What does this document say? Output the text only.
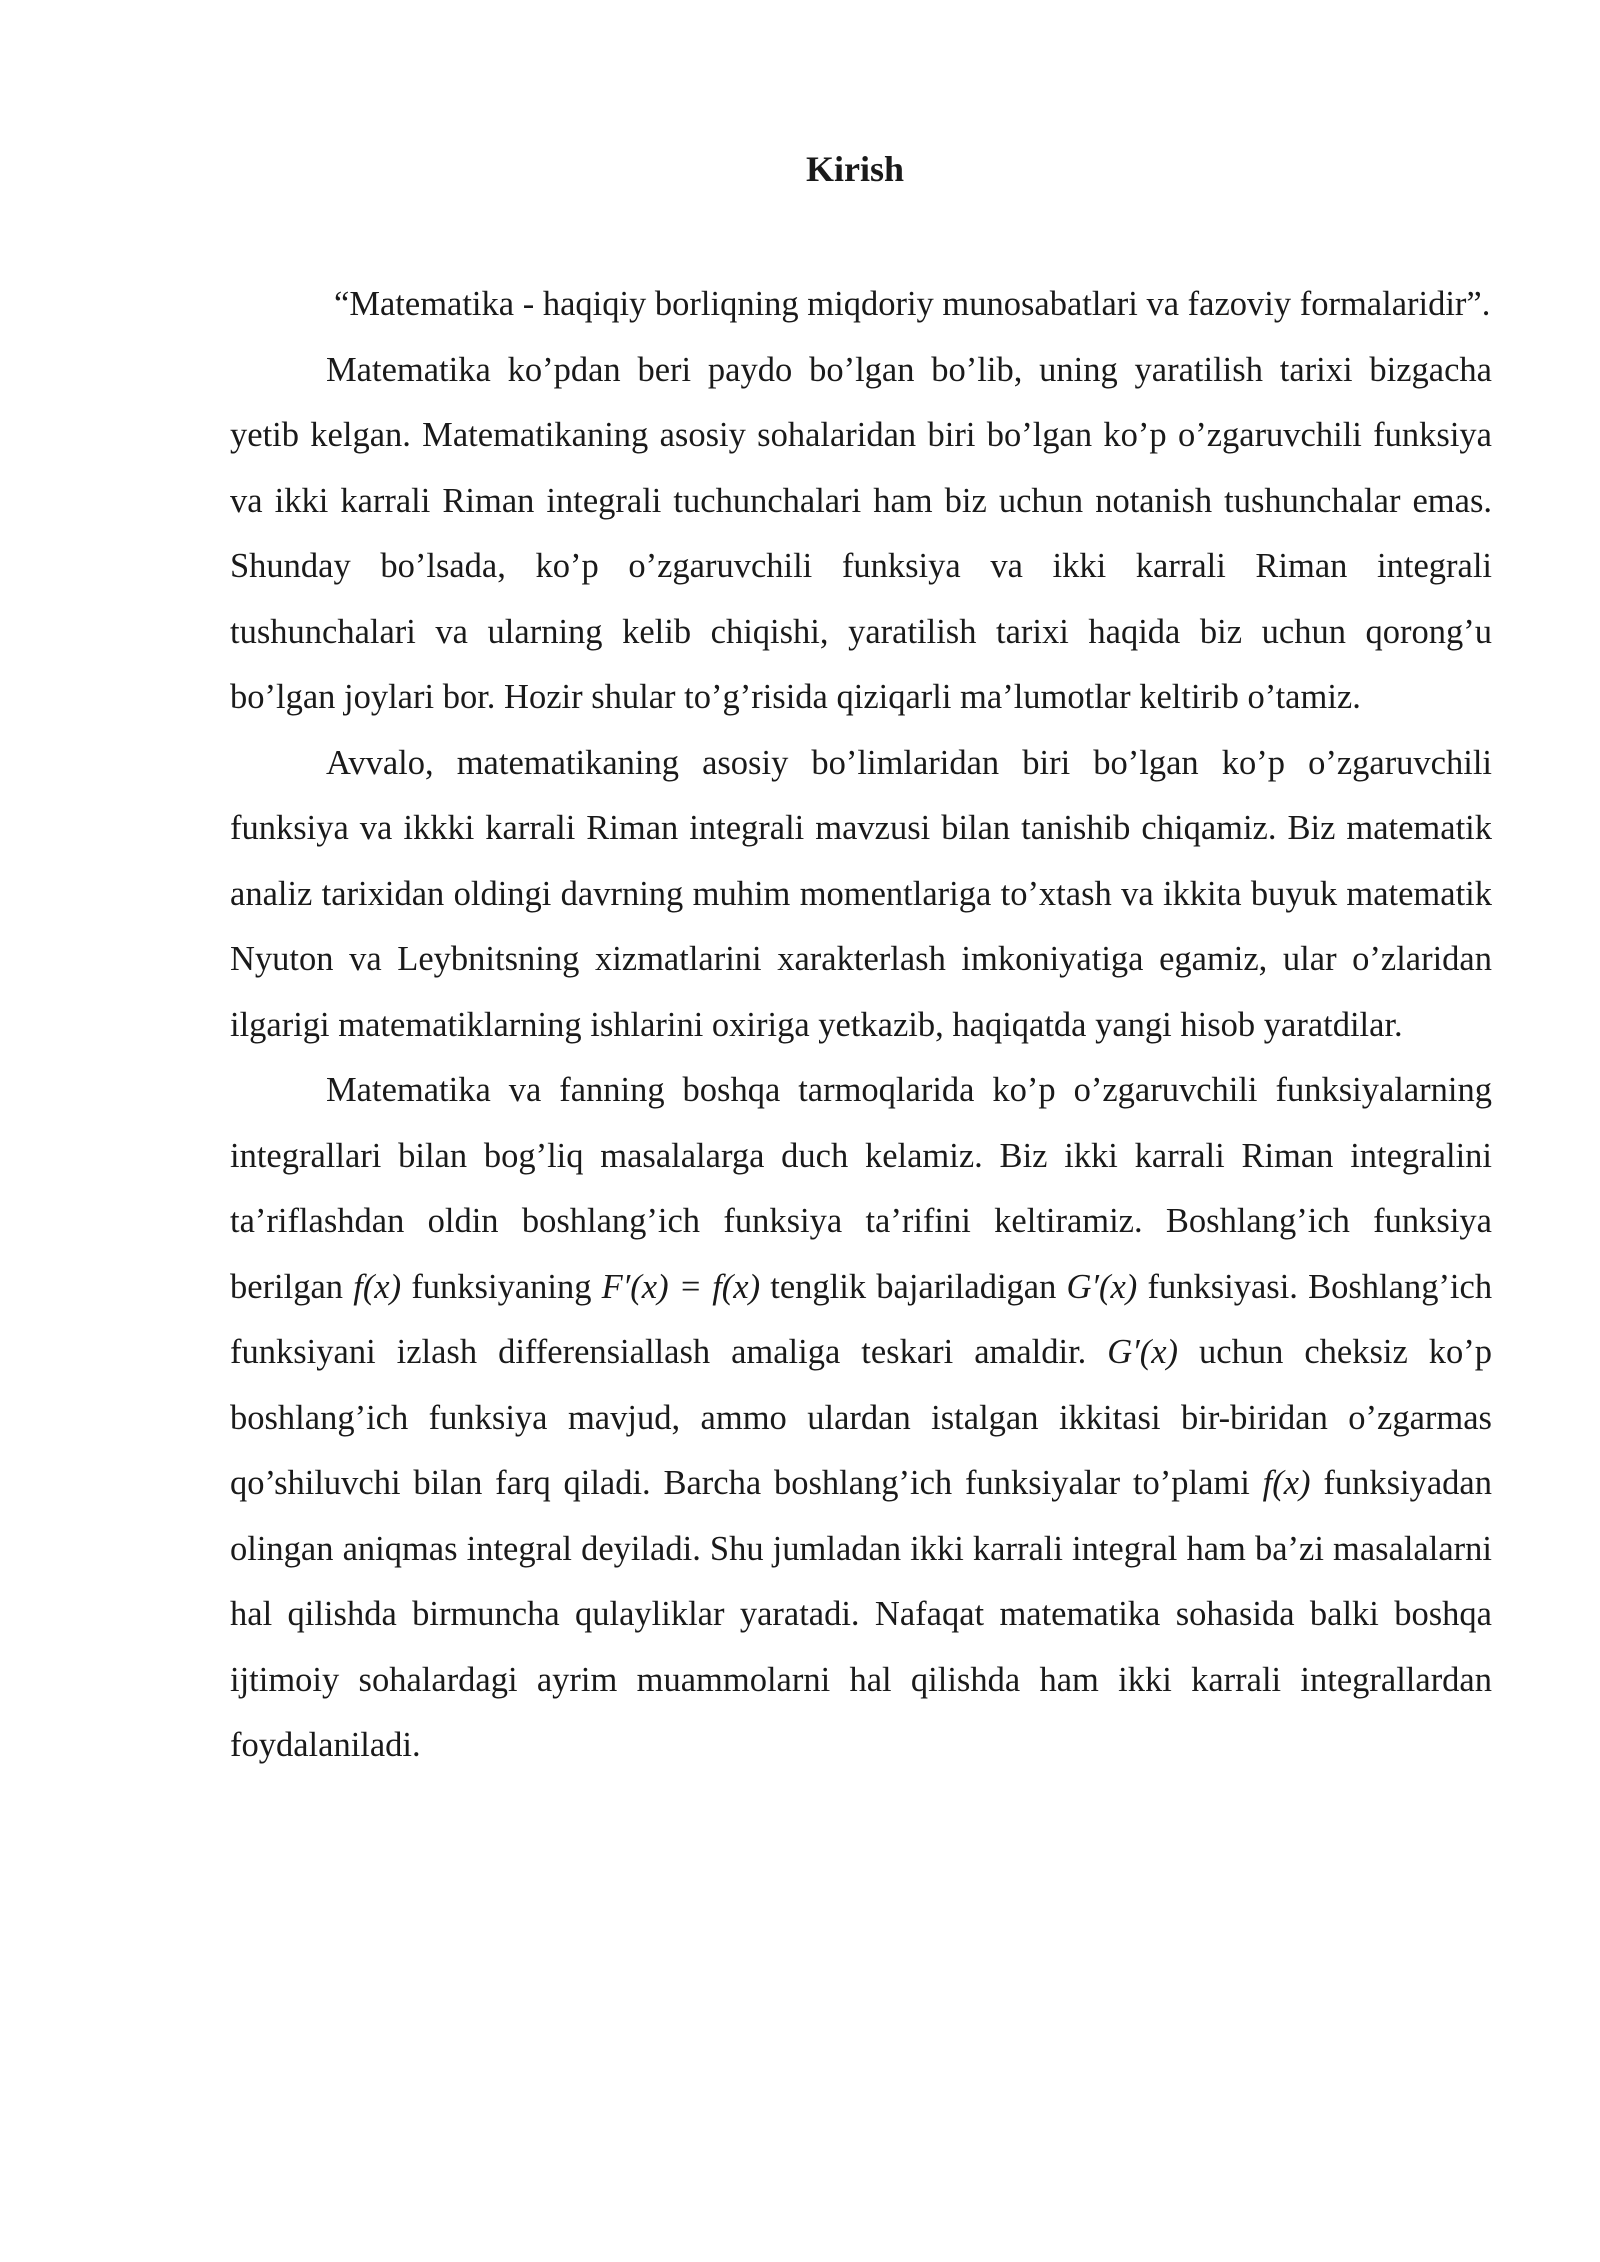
Kirish

“Matematika - haqiqiy borliqning miqdoriy munosabatlari va fazoviy formalaridir”.

Matematika ko’pdan beri paydo bo’lgan bo’lib, uning yaratilish tarixi bizgacha yetib kelgan. Matematikaning asosiy sohalaridan biri bo’lgan ko’p o’zgaruvchili funksiya va ikki karrali Riman integrali tuchunchalari ham biz uchun notanish tushunchalar emas. Shunday bo’lsada, ko’p o’zgaruvchili funksiya va ikki karrali Riman integrali tushunchalari va ularning kelib chiqishi, yaratilish tarixi haqida biz uchun qorong’u bo’lgan joylari bor. Hozir shular to’g’risida qiziqarli ma’lumotlar keltirib o’tamiz.

Avvalo, matematikaning asosiy bo’limlaridan biri bo’lgan ko’p o’zgaruvchili funksiya va ikkki karrali Riman integrali mavzusi bilan tanishib chiqamiz. Biz matematik analiz tarixidan oldingi davrning muhim momentlariga to’xtash va ikkita buyuk matematik Nyuton va Leybnitsning xizmatlarini xarakterlash imkoniyatiga egamiz, ular o’zlaridan ilgarigi matematiklarning ishlarini oxiriga yetkazib, haqiqatda yangi hisob yaratdilar.

Matematika va fanning boshqa tarmoqlarida ko’p o’zgaruvchili funksiyalarning integrallari bilan bog’liq masalalarga duch kelamiz. Biz ikki karrali Riman integralini ta’riflashdan oldin boshlang’ich funksiya ta’rifini keltiramiz. Boshlang’ich funksiya berilgan f(x) funksiyaning F′(x) = f(x) tenglik bajariladigan G′(x) funksiyasi. Boshlang’ich funksiyani izlash differensiallash amaliga teskari amaldir. G′(x) uchun cheksiz ko’p boshlang’ich funksiya mavjud, ammo ulardan istalgan ikkitasi bir-biridan o’zgarmas qo’shiluvchi bilan farq qiladi. Barcha boshlang’ich funksiyalar to’plami f(x) funksiyadan olingan aniqmas integral deyiladi. Shu jumladan ikki karrali integral ham ba’zi masalalarni hal qilishda birmuncha qulayliklar yaratadi. Nafaqat matematika sohasida balki boshqa ijtimoiy sohalardagi ayrim muammolarni hal qilishda ham ikki karrali integrallardan foydalaniladi.
